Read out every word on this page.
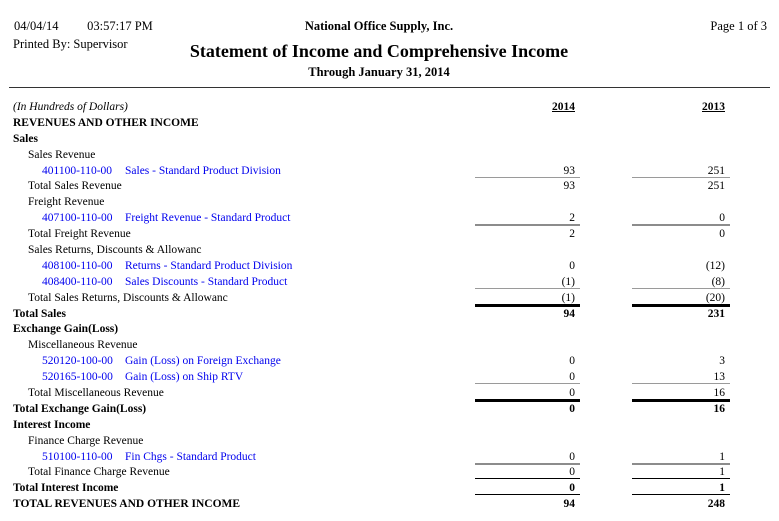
04/04/14 03:57:17 PM
Printed By: Supervisor
National Office Supply, Inc.
Statement of Income and Comprehensive Income
Through January 31, 2014
Page 1 of 3
(In Hundreds of Dollars)	2014	2013
REVENUES AND OTHER INCOME
Sales
Sales Revenue
401100-110-00 Sales - Standard Product Division	93	251
Total Sales Revenue	93	251
Freight Revenue
407100-110-00 Freight Revenue - Standard Product	2	0
Total Freight Revenue	2	0
Sales Returns, Discounts & Allowanc
408100-110-00 Returns - Standard Product Division	0	(12)
408400-110-00 Sales Discounts - Standard Product	(1)	(8)
Total Sales Returns, Discounts & Allowanc	(1)	(20)
Total Sales	94	231
Exchange Gain(Loss)
Miscellaneous Revenue
520120-100-00 Gain (Loss) on Foreign Exchange	0	3
520165-100-00 Gain (Loss) on Ship RTV	0	13
Total Miscellaneous Revenue	0	16
Total Exchange Gain(Loss)	0	16
Interest Income
Finance Charge Revenue
510100-110-00 Fin Chgs - Standard Product	0	1
Total Finance Charge Revenue	0	1
Total Interest Income	0	1
TOTAL REVENUES AND OTHER INCOME	94	248
